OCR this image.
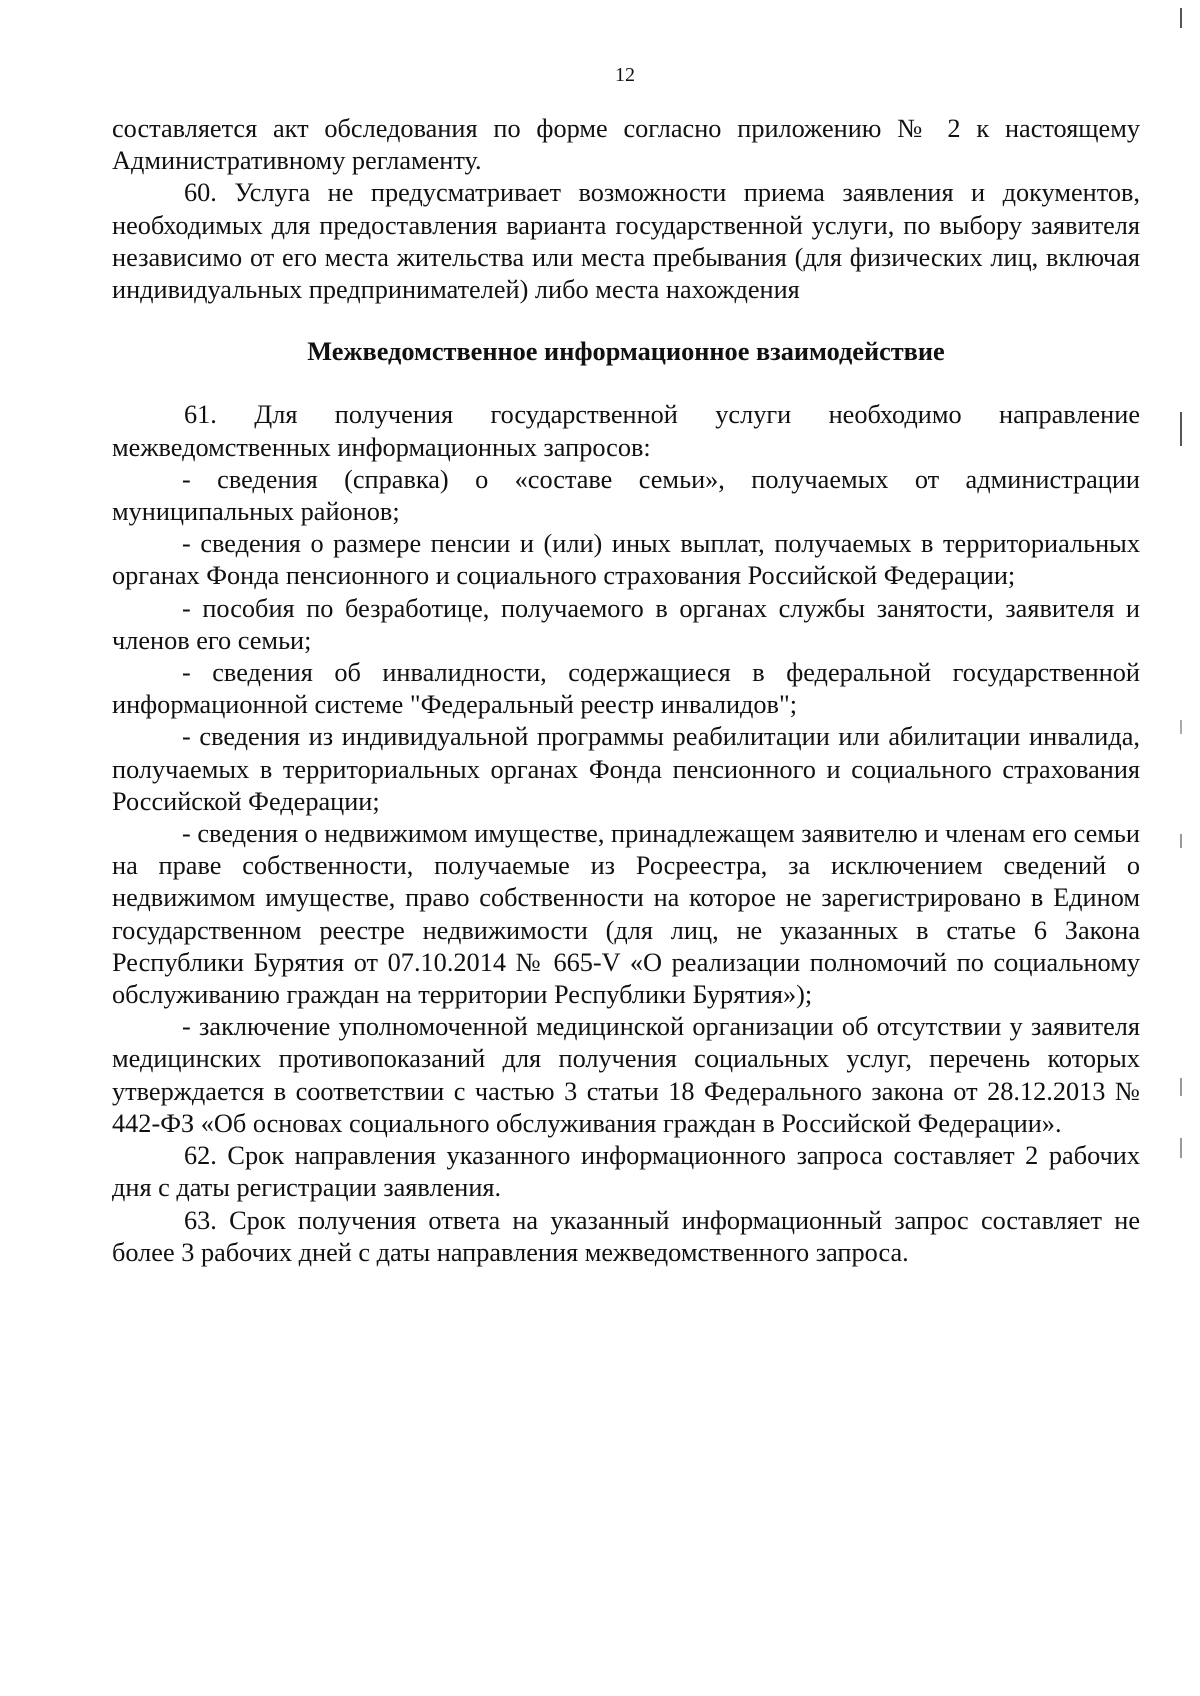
12

составляется акт обследования по форме согласно приложению № 2 к настоящему Административному регламенту.

60. Услуга не предусматривает возможности приема заявления и документов, необходимых для предоставления варианта государственной услуги, по выбору заявителя независимо от его места жительства или места пребывания (для физических лиц, включая индивидуальных предпринимателей) либо места нахождения

Межведомственное информационное взаимодействие

61. Для получения государственной услуги необходимо направление межведомственных информационных запросов:

- сведения (справка) о «составе семьи», получаемых от администрации муниципальных районов;

- сведения о размере пенсии и (или) иных выплат, получаемых в территориальных органах Фонда пенсионного и социального страхования Российской Федерации;

- пособия по безработице, получаемого в органах службы занятости, заявителя и членов его семьи;

- сведения об инвалидности, содержащиеся в федеральной государственной информационной системе "Федеральный реестр инвалидов";

- сведения из индивидуальной программы реабилитации или абилитации инвалида, получаемых в территориальных органах Фонда пенсионного и социального страхования Российской Федерации;

- сведения о недвижимом имуществе, принадлежащем заявителю и членам его семьи на праве собственности, получаемые из Росреестра, за исключением сведений о недвижимом имуществе, право собственности на которое не зарегистрировано в Едином государственном реестре недвижимости (для лиц, не указанных в статье 6 Закона Республики Бурятия от 07.10.2014 № 665-V «О реализации полномочий по социальному обслуживанию граждан на территории Республики Бурятия»);

- заключение уполномоченной медицинской организации об отсутствии у заявителя медицинских противопоказаний для получения социальных услуг, перечень которых утверждается в соответствии с частью 3 статьи 18 Федерального закона от 28.12.2013 № 442-ФЗ «Об основах социального обслуживания граждан в Российской Федерации».

62. Срок направления указанного информационного запроса составляет 2 рабочих дня с даты регистрации заявления.

63. Срок получения ответа на указанный информационный запрос составляет не более 3 рабочих дней с даты направления межведомственного запроса.
